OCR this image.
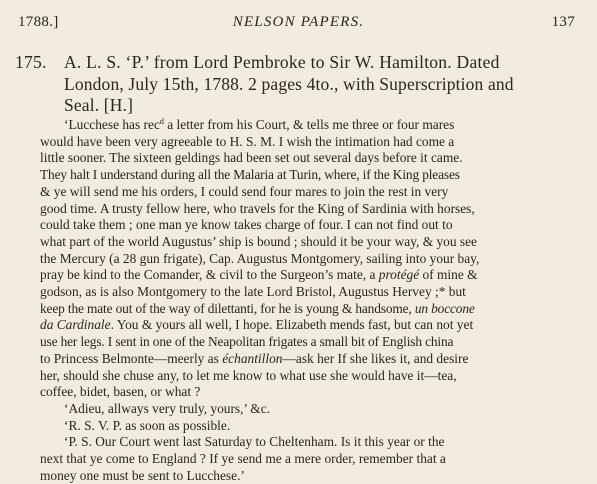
1788.]	NELSON PAPERS.	137
175. A. L. S. ‘P.’ from Lord Pembroke to Sir W. Hamilton. Dated
London, July 15th, 1788. 2 pages 4to., with Superscription and
Seal. [H.]
‘Lucchese has rec$^d$ a letter from his Court, & tells me three or four mares
would have been very agreeable to H. S. M. I wish the intimation had come a
little sooner. The sixteen geldings had been set out several days before it came.
They halt I understand during all the Malaria at Turin, where, if the King pleases
& ye will send me his orders, I could send four mares to join the rest in very
good time. A trusty fellow here, who travels for the King of Sardinia with horses,
could take them ; one man ye know takes charge of four. I can not find out to
what part of the world Augustus’ ship is bound ; should it be your way, & you see
the Mercury (a 28 gun frigate), Cap. Augustus Montgomery, sailing into your bay,
pray be kind to the Comander, & civil to the Surgeon’s mate, a protégé of mine &
godson, as is also Montgomery to the late Lord Bristol, Augustus Hervey ;* but
keep the mate out of the way of dilettanti, for he is young & handsome, un boccone
da Cardinale. You & yours all well, I hope. Elizabeth mends fast, but can not yet
use her legs. I sent in one of the Neapolitan frigates a small bit of English china
to Princess Belmonte—meerly as échantillon—ask her If she likes it, and desire
her, should she chuse any, to let me know to what use she would have it—tea,
coffee, bidet, basen, or what ?
‘Adieu, allways very truly, yours,’ &c.
‘R. S. V. P. as soon as possible.
‘P. S. Our Court went last Saturday to Cheltenham. Is it this year or the
next that ye come to England ? If ye send me a mere order, remember that a
money one must be sent to Lucchese.’
